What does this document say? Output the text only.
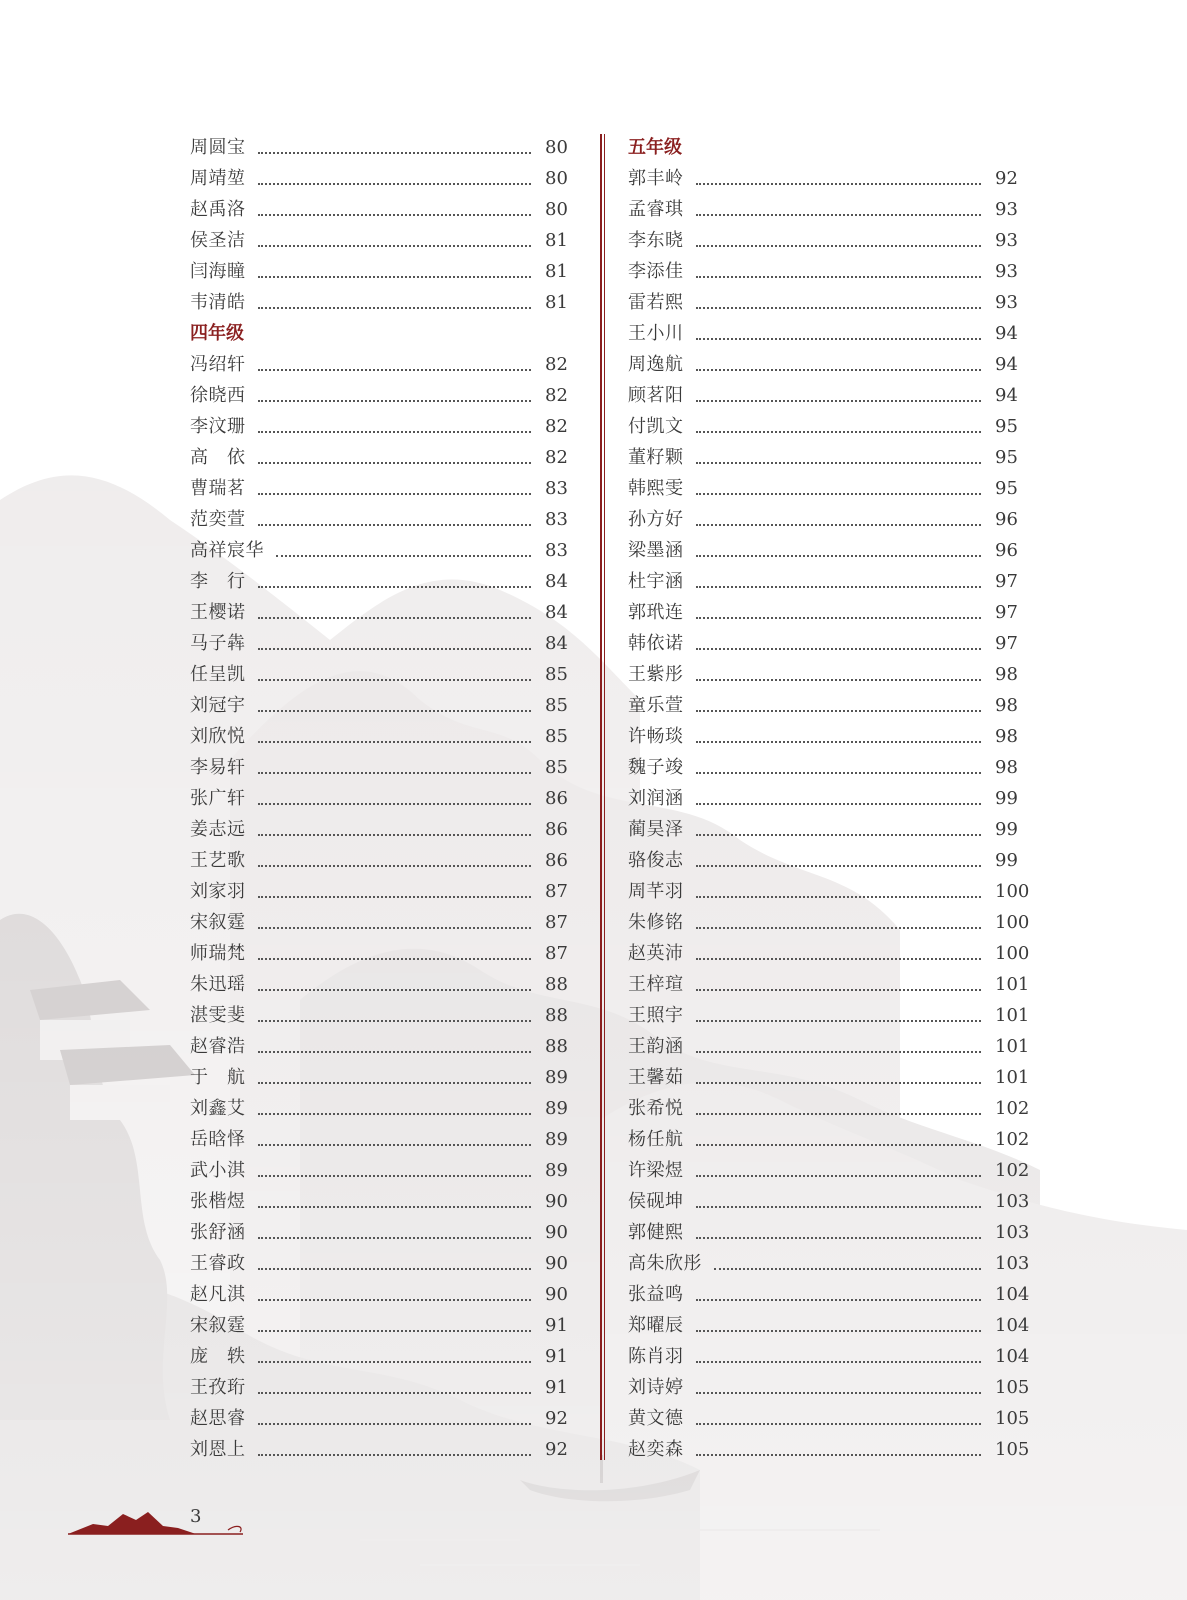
周圆宝	80
周靖堃	80
赵禹洛	80
侯圣洁	81
闫海瞳	81
韦清皓	81
四年级
冯绍轩	82
徐晓西	82
李汶珊	82
高　依	82
曹瑞茗	83
范奕萱	83
高祥宸华	83
李　行	84
王樱诺	84
马子犇	84
任呈凯	85
刘冠宇	85
刘欣悦	85
李易轩	85
张广轩	86
姜志远	86
王艺歌	86
刘家羽	87
宋叙霆	87
师瑞梵	87
朱迅瑶	88
湛雯斐	88
赵睿浩	88
于　航	89
刘鑫艾	89
岳晗怿	89
武小淇	89
张楷煜	90
张舒涵	90
王睿政	90
赵凡淇	90
宋叙霆	91
庞　轶	91
王孜珩	91
赵思睿	92
刘恩上	92
五年级
郭丰岭	92
孟睿琪	93
李东晓	93
李添佳	93
雷若熙	93
王小川	94
周逸航	94
顾茗阳	94
付凯文	95
董籽颗	95
韩熙雯	95
孙方好	96
梁墨涵	96
杜宇涵	97
郭玳连	97
韩依诺	97
王紫彤	98
童乐萱	98
许畅琰	98
魏子竣	98
刘润涵	99
蔺昊泽	99
骆俊志	99
周芊羽	100
朱修铭	100
赵英沛	100
王梓瑄	101
王照宇	101
王韵涵	101
王馨茹	101
张希悦	102
杨任航	102
许梁煜	102
侯砚坤	103
郭健熙	103
高朱欣彤	103
张益鸣	104
郑曜辰	104
陈肖羽	104
刘诗婷	105
黄文德	105
赵奕森	105
3
